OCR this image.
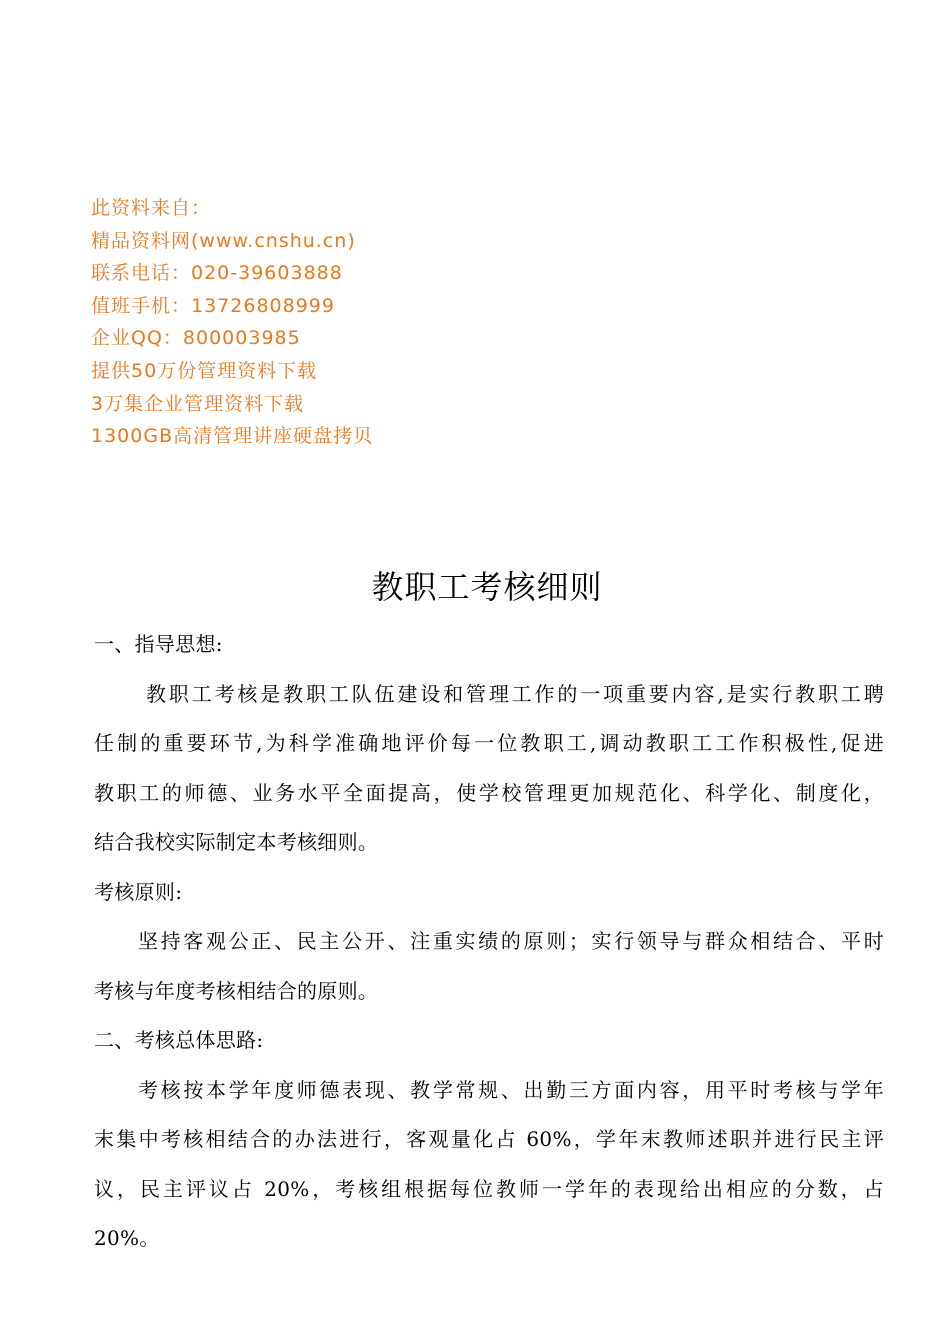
此资料来自：
精品资料网(www.cnshu.cn)
联系电话：020-39603888
值班手机：13726808999
企业QQ：800003985
提供50万份管理资料下载
3万集企业管理资料下载
1300GB高清管理讲座硬盘拷贝
教职工考核细则
一、指导思想:
教职工考核是教职工队伍建设和管理工作的一项重要内容,是实行教职工聘
任制的重要环节,为科学准确地评价每一位教职工,调动教职工工作积极性,促进
教职工的师德、业务水平全面提高，使学校管理更加规范化、科学化、制度化，
结合我校实际制定本考核细则。
考核原则:
坚持客观公正、民主公开、注重实绩的原则；实行领导与群众相结合、平时
考核与年度考核相结合的原则。
二、考核总体思路:
考核按本学年度师德表现、教学常规、出勤三方面内容，用平时考核与学年
末集中考核相结合的办法进行，客观量化占 60%，学年末教师述职并进行民主评
议，民主评议占 20%，考核组根据每位教师一学年的表现给出相应的分数，占
20%。
